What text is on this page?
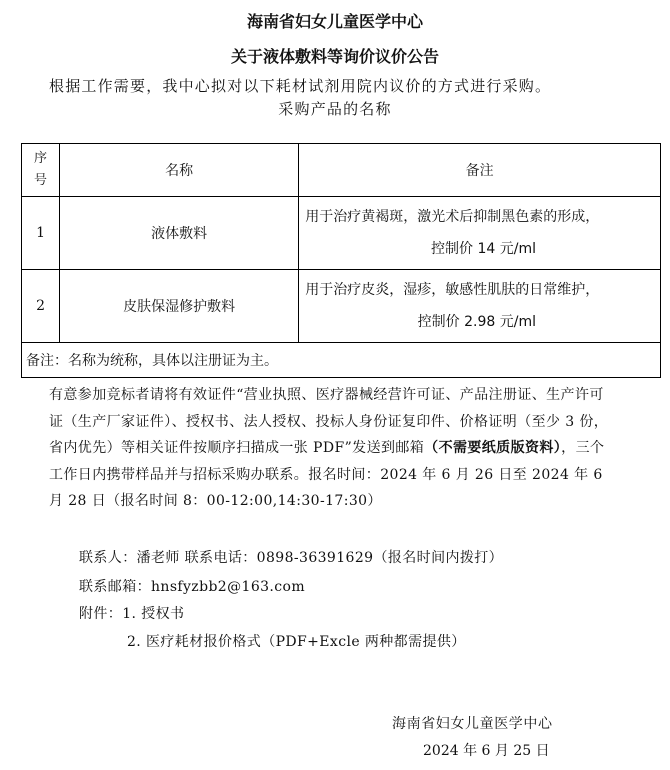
海南省妇女儿童医学中心
关于液体敷料等询价议价公告
根据工作需要，我中心拟对以下耗材试剂用院内议价的方式进行采购。
采购产品的名称
序
号	名称	备注
1	液体敷料	用于治疗黄褐斑，激光术后抑制黑色素的形成，
控制价 14 元/ml

2	皮肤保湿修护敷料	用于治疗皮炎，湿疹，敏感性肌肤的日常维护，
控制价 2.98 元/ml

备注：名称为统称，具体以注册证为主。		
有意参加竞标者请将有效证件“营业执照、医疗器械经营许可证、产品注册证、生产许可证（生产厂家证件）、授权书、法人授权、投标人身份证复印件、价格证明（至少 3 份，省内优先）等相关证件按顺序扫描成一张 PDF”发送到邮箱（不需要纸质版资料），三个工作日内携带样品并与招标采购办联系。报名时间：2024 年 6 月 26 日至 2024 年 6 月 28 日（报名时间 8：00-12:00,14:30-17:30）
联系人：潘老师 联系电话：0898-36391629（报名时间内拨打）
联系邮箱：hnsfyzbb2@163.com
附件：1. 授权书
2. 医疗耗材报价格式（PDF+Excle 两种都需提供）
海南省妇女儿童医学中心
2024 年 6 月 25 日
